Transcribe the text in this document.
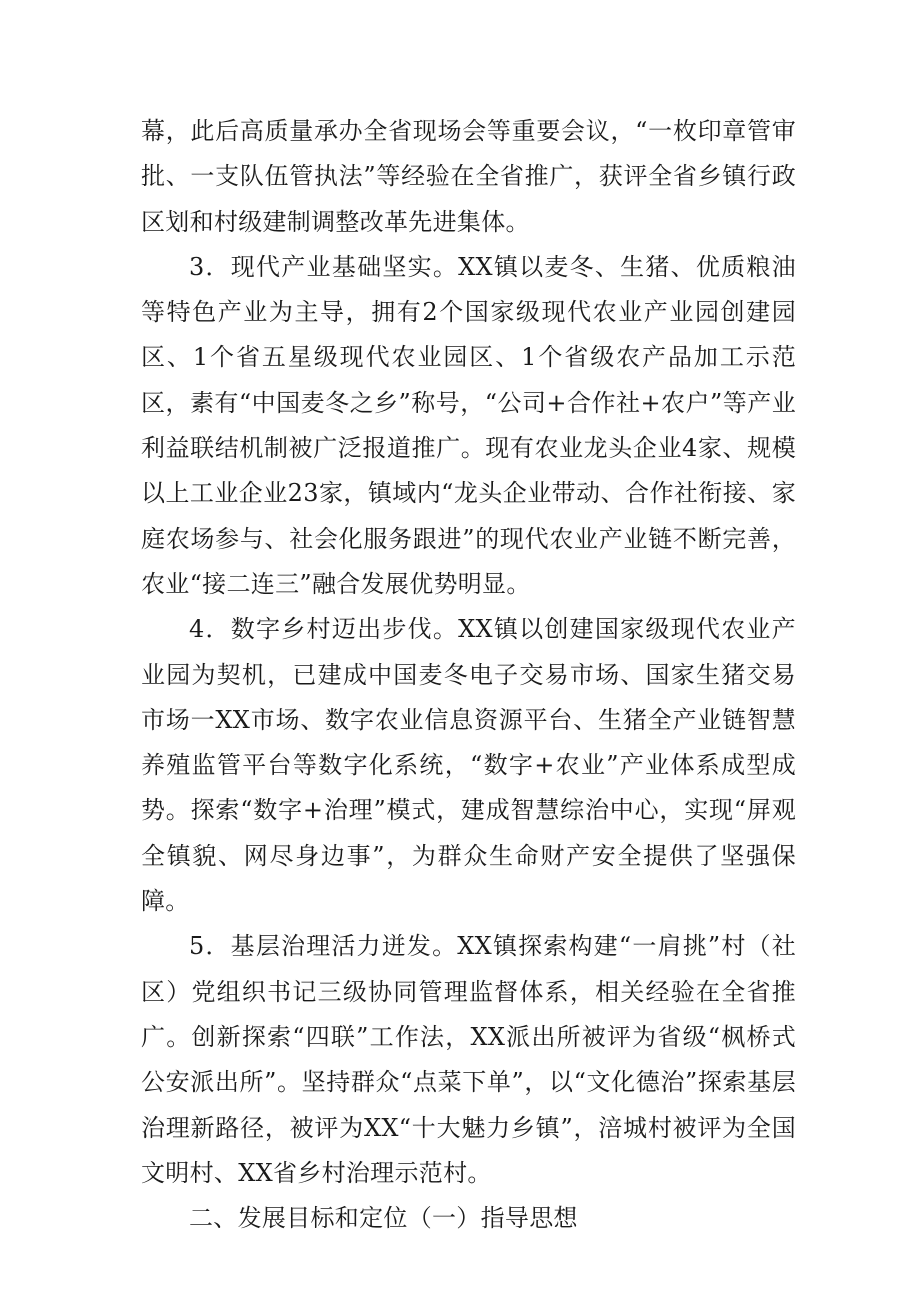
幕，此后高质量承办全省现场会等重要会议，“一枚印章管审批、一支队伍管执法”等经验在全省推广，获评全省乡镇行政区划和村级建制调整改革先进集体。

3．现代产业基础坚实。XX镇以麦冬、生猪、优质粮油等特色产业为主导，拥有2个国家级现代农业产业园创建园区、1个省五星级现代农业园区、1个省级农产品加工示范区，素有“中国麦冬之乡”称号，“公司+合作社+农户”等产业利益联结机制被广泛报道推广。现有农业龙头企业4家、规模以上工业企业23家，镇域内“龙头企业带动、合作社衔接、家庭农场参与、社会化服务跟进”的现代农业产业链不断完善，农业“接二连三”融合发展优势明显。

4．数字乡村迈出步伐。XX镇以创建国家级现代农业产业园为契机，已建成中国麦冬电子交易市场、国家生猪交易市场一XX市场、数字农业信息资源平台、生猪全产业链智慧养殖监管平台等数字化系统，“数字+农业”产业体系成型成势。探索“数字+治理”模式，建成智慧综治中心，实现“屏观全镇貌、网尽身边事”，为群众生命财产安全提供了坚强保障。

5．基层治理活力迸发。XX镇探索构建“一肩挑”村（社区）党组织书记三级协同管理监督体系，相关经验在全省推广。创新探索“四联”工作法，XX派出所被评为省级“枫桥式公安派出所”。坚持群众“点菜下单”，以“文化德治”探索基层治理新路径，被评为XX“十大魅力乡镇”，涪城村被评为全国文明村、XX省乡村治理示范村。

二、发展目标和定位（一）指导思想
